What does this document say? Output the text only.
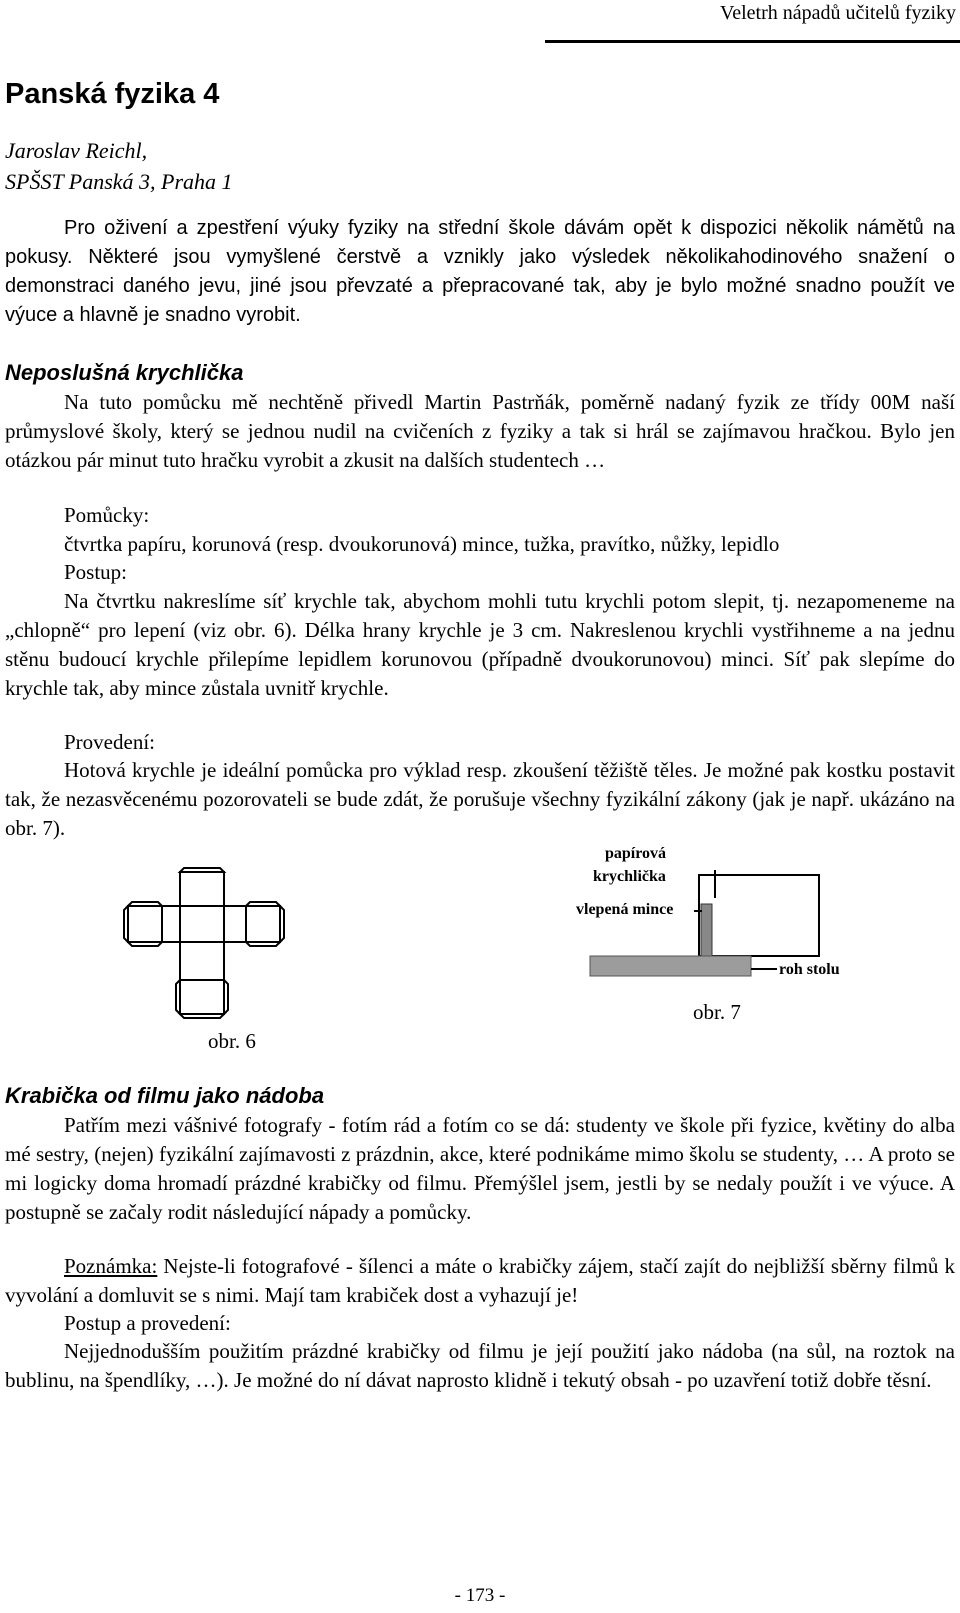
Veletrh nápadů učitelů fyziky
Panská fyzika 4
Jaroslav Reichl,
SPŠST Panská 3, Praha 1

Pro oživení a zpestření výuky fyziky na střední škole dávám opět k dispozici několik námětů na pokusy. Některé jsou vymyšlené čerstvě a vznikly jako výsledek několikahodinového snažení o demonstraci daného jevu, jiné jsou převzaté a přepracované tak, aby je bylo možné snadno použít ve výuce a hlavně je snadno vyrobit.

Neposlušná krychlička

Na tuto pomůcku mě nechtěně přivedl Martin Pastrňák, poměrně nadaný fyzik ze třídy 00M naší průmyslové školy, který se jednou nudil na cvičeních z fyziky a tak si hrál se zajímavou hračkou. Bylo jen otázkou pár minut tuto hračku vyrobit a zkusit na dalších studentech …

Pomůcky:

čtvrtka papíru, korunová (resp. dvoukorunová) mince, tužka, pravítko, nůžky, lepidlo

Postup:

Na čtvrtku nakreslíme síť krychle tak, abychom mohli tutu krychli potom slepit, tj. nezapomeneme na „chlopně“ pro lepení (viz obr. 6). Délka hrany krychle je 3 cm. Nakreslenou krychli vystřihneme a na jednu stěnu budoucí krychle přilepíme lepidlem korunovou (případně dvoukorunovou) minci. Síť pak slepíme do krychle tak, aby mince zůstala uvnitř krychle.

Provedení:

Hotová krychle je ideální pomůcka pro výklad resp. zkoušení těžiště těles. Je možné pak kostku postavit tak, že nezasvěcenému pozorovateli se bude zdát, že porušuje všechny fyzikální zákony (jak je např. ukázáno na obr. 7).

obr. 6
papírová
krychlička
vlepená mince
roh stolu
obr. 7
Krabička od filmu jako nádoba

Patřím mezi vášnivé fotografy - fotím rád a fotím co se dá: studenty ve škole při fyzice, květiny do alba mé sestry, (nejen) fyzikální zajímavosti z prázdnin, akce, které podnikáme mimo školu se studenty, … A proto se mi logicky doma hromadí prázdné krabičky od filmu. Přemýšlel jsem, jestli by se nedaly použít i ve výuce. A postupně se začaly rodit následující nápady a pomůcky.

Poznámka: Nejste-li fotografové - šílenci a máte o krabičky zájem, stačí zajít do nejbližší sběrny filmů k vyvolání a domluvit se s nimi. Mají tam krabiček dost a vyhazují je!

Postup a provedení:

Nejjednodušším použitím prázdné krabičky od filmu je její použití jako nádoba (na sůl, na roztok na bublinu, na špendlíky, …). Je možné do ní dávat naprosto klidně i tekutý obsah - po uzavření totiž dobře těsní.

- 173 -
